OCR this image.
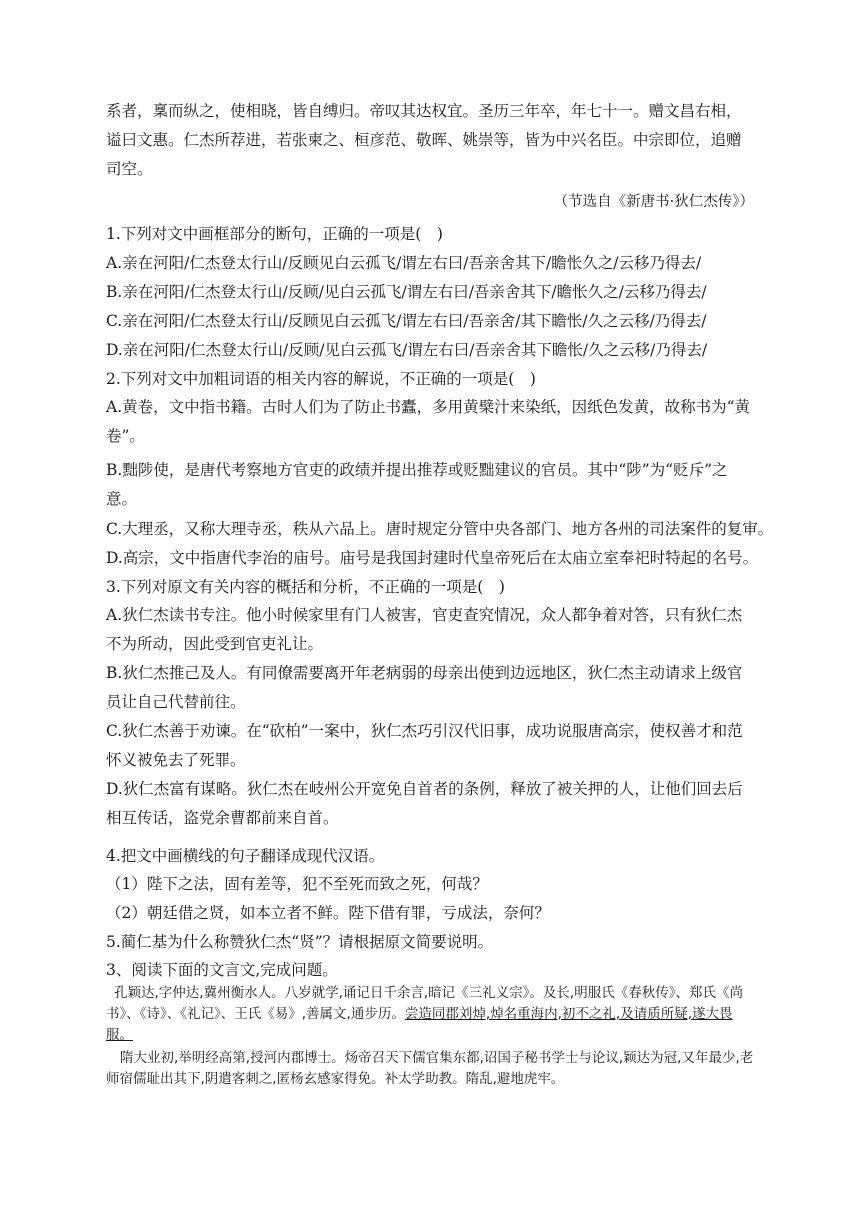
系者，稟而纵之，使相晓，皆自缚归。帝叹其达权宜。圣历三年卒，年七十一。赠文昌右相，谥曰文惠。仁杰所荐进，若张柬之、桓彦范、敬晖、姚崇等，皆为中兴名臣。中宗即位，追赠司空。

（节选自《新唐书·狄仁杰传》）

1.下列对文中画框部分的断句，正确的一项是(　)

A.亲在河阳/仁杰登太行山/反顾见白云孤飞/谓左右曰/吾亲舍其下/瞻怅久之/云移乃得去/

B.亲在河阳/仁杰登太行山/反顾/见白云孤飞/谓左右曰/吾亲舍其下/瞻怅久之/云移乃得去/

C.亲在河阳/仁杰登太行山/反顾见白云孤飞/谓左右曰/吾亲舍/其下瞻怅/久之云移/乃得去/

D.亲在河阳/仁杰登太行山/反顾/见白云孤飞/谓左右曰/吾亲舍其下瞻怅/久之云移/乃得去/

2.下列对文中加粗词语的相关内容的解说，不正确的一项是(　)

A.黄卷，文中指书籍。古时人们为了防止书蠹，多用黄檗汁来染纸，因纸色发黄，故称书为“黄卷”。

B.黜陟使，是唐代考察地方官吏的政绩并提出推荐或贬黜建议的官员。其中“陟”为“贬斥”之意。

C.大理丞，又称大理寺丞，秩从六品上。唐时规定分管中央各部门、地方各州的司法案件的复审。

D.高宗，文中指唐代李治的庙号。庙号是我国封建时代皇帝死后在太庙立室奉祀时特起的名号。

3.下列对原文有关内容的概括和分析，不正确的一项是(　)

A.狄仁杰读书专注。他小时候家里有门人被害，官吏查究情况，众人都争着对答，只有狄仁杰不为所动，因此受到官吏礼让。

B.狄仁杰推己及人。有同僚需要离开年老病弱的母亲出使到边远地区，狄仁杰主动请求上级官员让自己代替前往。

C.狄仁杰善于劝谏。在“砍柏”一案中，狄仁杰巧引汉代旧事，成功说服唐高宗，使权善才和范怀义被免去了死罪。

D.狄仁杰富有谋略。狄仁杰在岐州公开宽免自首者的条例，释放了被关押的人，让他们回去后相互传话，盗党余曹都前来自首。

4.把文中画横线的句子翻译成现代汉语。

（1）陛下之法，固有差等，犯不至死而致之死，何哉？

（2）朝廷借之贤，如本立者不鲜。陛下借有罪，亏成法，奈何？

5.蔺仁基为什么称赞狄仁杰“贤”？请根据原文简要说明。

3、阅读下面的文言文,完成问题。

孔颖达,字仲达,冀州衡水人。八岁就学,诵记日千余言,暗记《三礼义宗》。及长,明服氏《春秋传》、郑氏《尚书》、《诗》、《礼记》、王氏《易》,善属文,通步历。尝造同郡刘焯,焯名重海内,初不之礼,及请质所疑,遂大畏服。

隋大业初,举明经高第,授河内郡博士。炀帝召天下儒官集东都,诏国子秘书学士与论议,颖达为冠,又年最少,老师宿儒耻出其下,阴遣客刺之,匿杨玄感家得免。补太学助教。隋乱,避地虎牢。
